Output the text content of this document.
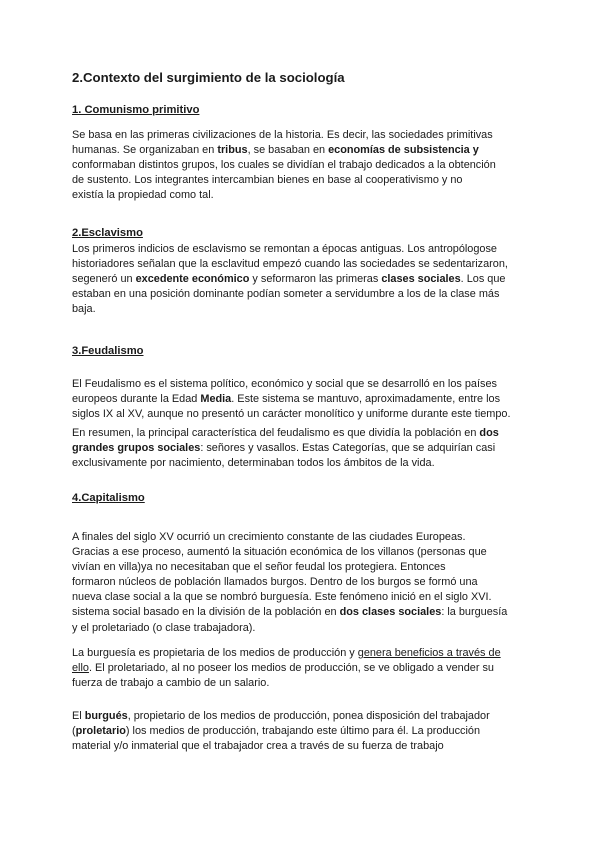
2.Contexto del surgimiento de la sociología
1. Comunismo primitivo

Se basa en las primeras civilizaciones de la historia. Es decir, las sociedades primitivas
humanas. Se organizaban en tribus, se basaban en economías de subsistencia y
conformaban distintos grupos, los cuales se dividían el trabajo dedicados a la obtención
de sustento. Los integrantes intercambian bienes en base al cooperativismo y no
existía la propiedad como tal.

2.Esclavismo

Los primeros indicios de esclavismo se remontan a épocas antiguas. Los antropólogose
historiadores señalan que la esclavitud empezó cuando las sociedades se sedentarizaron,
segeneró un excedente económico y seformaron las primeras clases sociales. Los que
estaban en una posición dominante podían someter a servidumbre a los de la clase más
baja.

3.Feudalismo

El Feudalismo es el sistema político, económico y social que se desarrolló en los países
europeos durante la Edad Media. Este sistema se mantuvo, aproximadamente, entre los
siglos IX al XV, aunque no presentó un carácter monolítico y uniforme durante este tiempo.

En resumen, la principal característica del feudalismo es que dividía la población en dos
grandes grupos sociales: señores y vasallos. Estas Categorías, que se adquirían casi
exclusivamente por nacimiento, determinaban todos los ámbitos de la vida.

4.Capitalismo

A finales del siglo XV ocurrió un crecimiento constante de las ciudades Europeas.
Gracias a ese proceso, aumentó la situación económica de los villanos (personas que
vivían en villa)ya no necesitaban que el señor feudal los protegiera. Entonces
formaron núcleos de población llamados burgos. Dentro de los burgos se formó una
nueva clase social a la que se nombró burguesía. Este fenómeno inició en el siglo XVI.
sistema social basado en la división de la población en dos clases sociales: la burguesía
y el proletariado (o clase trabajadora).

La burguesía es propietaria de los medios de producción y genera beneficios a través de
ello. El proletariado, al no poseer los medios de producción, se ve obligado a vender su
fuerza de trabajo a cambio de un salario.

El burgués, propietario de los medios de producción, ponea disposición del trabajador
(proletario) los medios de producción, trabajando este último para él. La producción
material y/o inmaterial que el trabajador crea a través de su fuerza de trabajo
